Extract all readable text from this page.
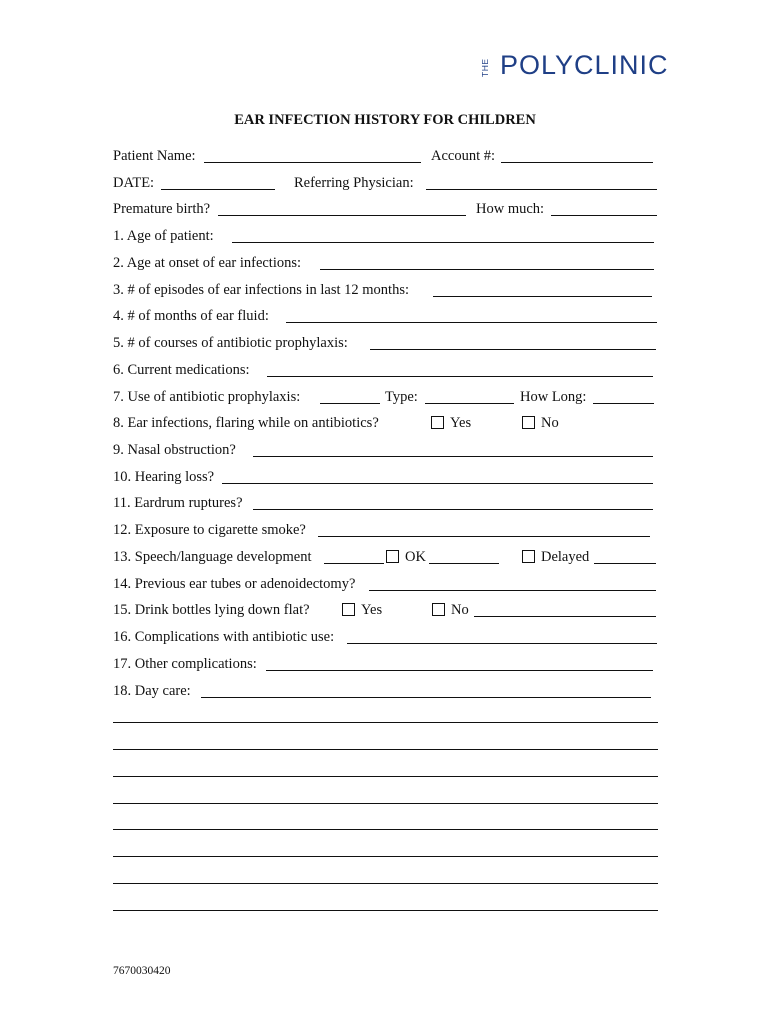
THE POLYCLINIC
EAR INFECTION HISTORY FOR CHILDREN
Patient Name:	Account #:
DATE:	Referring Physician:
Premature birth?	How much:
1. Age of patient:
2. Age at onset of ear infections:
3. # of episodes of ear infections in last 12 months:
4. # of months of ear fluid:
5. # of courses of antibiotic prophylaxis:
6. Current medications:
7. Use of antibiotic prophylaxis:	Type:	How Long:
8. Ear infections, flaring while on antibiotics?	Yes	No
9. Nasal obstruction?
10. Hearing loss?
11. Eardrum ruptures?
12. Exposure to cigarette smoke?
13. Speech/language development	OK	Delayed
14. Previous ear tubes or adenoidectomy?
15. Drink bottles lying down flat?	Yes	No
16. Complications with antibiotic use:
17. Other complications:
18. Day care:
7670030420
